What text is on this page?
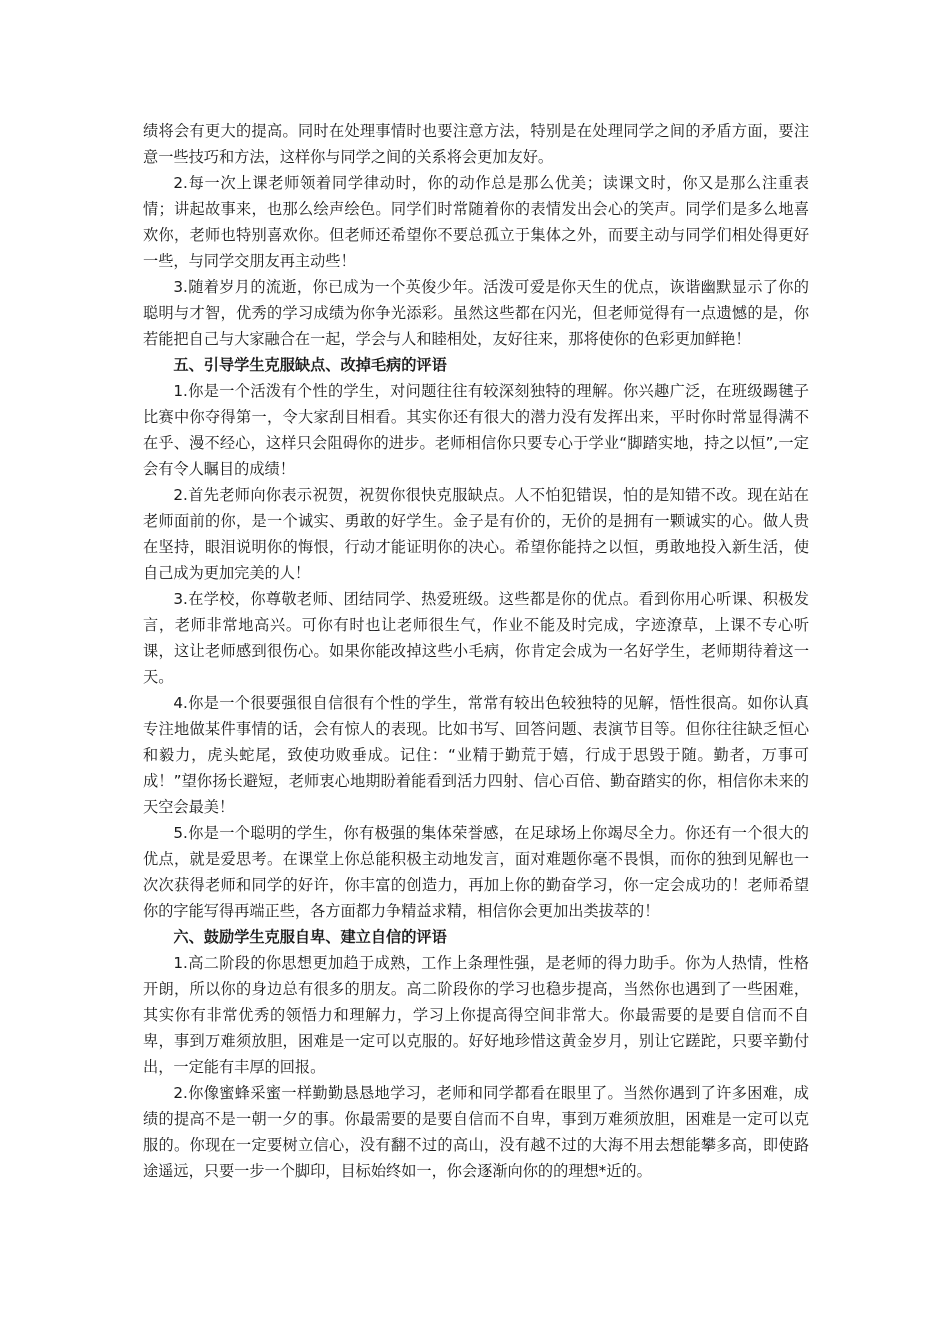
绩将会有更大的提高。同时在处理事情时也要注意方法，特别是在处理同学之间的矛盾方面，要注意一些技巧和方法，这样你与同学之间的关系将会更加友好。

2.每一次上课老师领着同学律动时，你的动作总是那么优美；读课文时，你又是那么注重表情；讲起故事来，也那么绘声绘色。同学们时常随着你的表情发出会心的笑声。同学们是多么地喜欢你，老师也特别喜欢你。但老师还希望你不要总孤立于集体之外，而要主动与同学们相处得更好一些，与同学交朋友再主动些！

3.随着岁月的流逝，你已成为一个英俊少年。活泼可爱是你天生的优点，诙谐幽默显示了你的聪明与才智，优秀的学习成绩为你争光添彩。虽然这些都在闪光，但老师觉得有一点遗憾的是，你若能把自己与大家融合在一起，学会与人和睦相处，友好往来，那将使你的色彩更加鲜艳！

五、引导学生克服缺点、改掉毛病的评语

1.你是一个活泼有个性的学生，对问题往往有较深刻独特的理解。你兴趣广泛，在班级踢毽子比赛中你夺得第一，令大家刮目相看。其实你还有很大的潜力没有发挥出来，平时你时常显得满不在乎、漫不经心，这样只会阻碍你的进步。老师相信你只要专心于学业“脚踏实地，持之以恒”,一定会有令人瞩目的成绩！

2.首先老师向你表示祝贺，祝贺你很快克服缺点。人不怕犯错误，怕的是知错不改。现在站在老师面前的你，是一个诚实、勇敢的好学生。金子是有价的，无价的是拥有一颗诚实的心。做人贵在坚持，眼泪说明你的悔恨，行动才能证明你的决心。希望你能持之以恒，勇敢地投入新生活，使自己成为更加完美的人！

3.在学校，你尊敬老师、团结同学、热爱班级。这些都是你的优点。看到你用心听课、积极发言，老师非常地高兴。可你有时也让老师很生气，作业不能及时完成，字迹潦草，上课不专心听课，这让老师感到很伤心。如果你能改掉这些小毛病，你肯定会成为一名好学生，老师期待着这一天。

4.你是一个很要强很自信很有个性的学生，常常有较出色较独特的见解，悟性很高。如你认真专注地做某件事情的话，会有惊人的表现。比如书写、回答问题、表演节目等。但你往往缺乏恒心和毅力，虎头蛇尾，致使功败垂成。记住：“业精于勤荒于嬉，行成于思毁于随。勤者，万事可成！”望你扬长避短，老师衷心地期盼着能看到活力四射、信心百倍、勤奋踏实的你，相信你未来的天空会最美！

5.你是一个聪明的学生，你有极强的集体荣誉感，在足球场上你竭尽全力。你还有一个很大的优点，就是爱思考。在课堂上你总能积极主动地发言，面对难题你毫不畏惧，而你的独到见解也一次次获得老师和同学的好许，你丰富的创造力，再加上你的勤奋学习，你一定会成功的！老师希望你的字能写得再端正些，各方面都力争精益求精，相信你会更加出类拔萃的！

六、鼓励学生克服自卑、建立自信的评语

1.高二阶段的你思想更加趋于成熟，工作上条理性强，是老师的得力助手。你为人热情，性格开朗，所以你的身边总有很多的朋友。高二阶段你的学习也稳步提高，当然你也遇到了一些困难，其实你有非常优秀的领悟力和理解力，学习上你提高得空间非常大。你最需要的是要自信而不自卑，事到万难须放胆，困难是一定可以克服的。好好地珍惜这黄金岁月，别让它蹉跎，只要辛勤付出，一定能有丰厚的回报。

2.你像蜜蜂采蜜一样勤勤恳恳地学习，老师和同学都看在眼里了。当然你遇到了许多困难，成绩的提高不是一朝一夕的事。你最需要的是要自信而不自卑，事到万难须放胆，困难是一定可以克服的。你现在一定要树立信心，没有翻不过的高山，没有越不过的大海不用去想能攀多高，即使路途遥远，只要一步一个脚印，目标始终如一，你会逐渐向你的的理想*近的。
